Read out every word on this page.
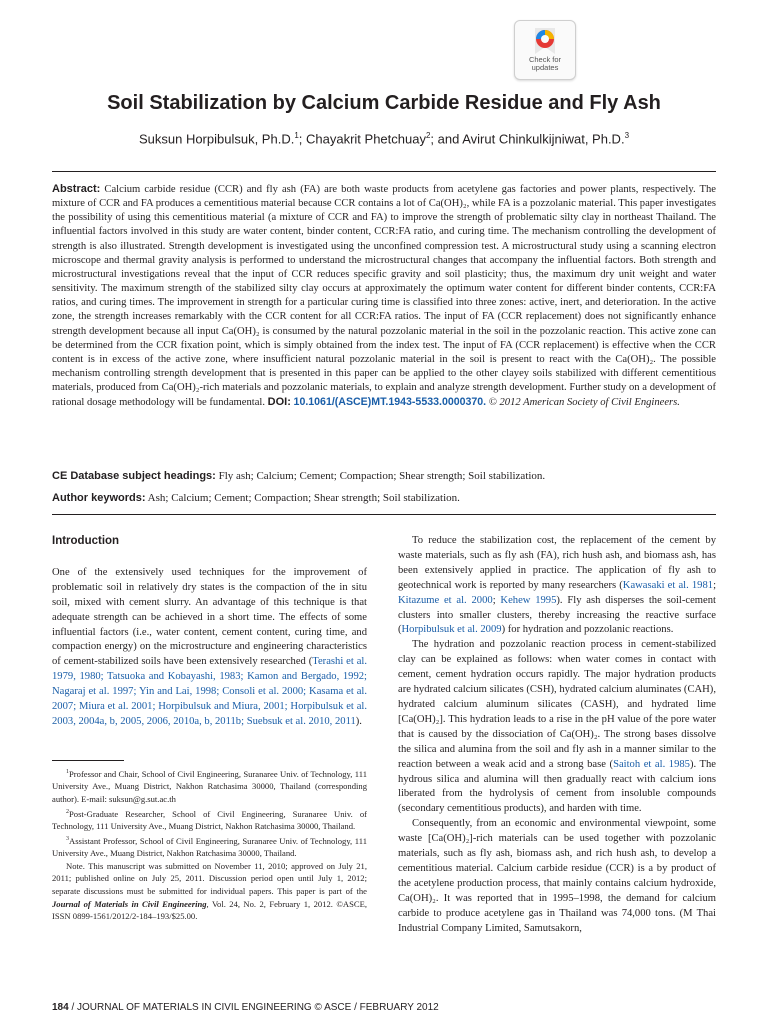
Check for
updates
Soil Stabilization by Calcium Carbide Residue and Fly Ash
Suksun Horpibulsuk, Ph.D.$^1$; Chayakrit Phetchuay$^2$; and Avirut Chinkulkijniwat, Ph.D.$^3$
Abstract: Calcium carbide residue (CCR) and fly ash (FA) are both waste products from acetylene gas factories and power plants, respectively. The mixture of CCR and FA produces a cementitious material because CCR contains a lot of Ca(OH)₂, while FA is a pozzolanic material. This paper investigates the possibility of using this cementitious material (a mixture of CCR and FA) to improve the strength of problematic silty clay in northeast Thailand. The influential factors involved in this study are water content, binder content, CCR:FA ratio, and curing time. The mechanism controlling the development of strength is also illustrated. Strength development is investigated using the unconfined compression test. A microstructural study using a scanning electron microscope and thermal gravity analysis is performed to understand the microstructural changes that accompany the influential factors. Both strength and microstructural investigations reveal that the input of CCR reduces specific gravity and soil plasticity; thus, the maximum dry unit weight and water sensitivity. The maximum strength of the stabilized silty clay occurs at approximately the optimum water content for different binder contents, CCR:FA ratios, and curing times. The improvement in strength for a particular curing time is classified into three zones: active, inert, and deterioration. In the active zone, the strength increases remarkably with the CCR content for all CCR:FA ratios. The input of FA (CCR replacement) does not significantly enhance strength development because all input Ca(OH)₂ is consumed by the natural pozzolanic material in the soil in the pozzolanic reaction. This active zone can be determined from the CCR fixation point, which is simply obtained from the index test. The input of FA (CCR replacement) is effective when the CCR content is in excess of the active zone, where insufficient natural pozzolanic material in the soil is present to react with the Ca(OH)₂. The possible mechanism controlling strength development that is presented in this paper can be applied to the other clayey soils stabilized with different cementitious materials, produced from Ca(OH)₂-rich materials and pozzolanic materials, to explain and analyze strength development. Further study on a development of rational dosage methodology will be fundamental. DOI: 10.1061/(ASCE)MT.1943-5533.0000370. © 2012 American Society of Civil Engineers.
CE Database subject headings: Fly ash; Calcium; Cement; Compaction; Shear strength; Soil stabilization.
Author keywords: Ash; Calcium; Cement; Compaction; Shear strength; Soil stabilization.
Introduction

One of the extensively used techniques for the improvement of problematic soil in relatively dry states is the compaction of the in situ soil, mixed with cement slurry. An advantage of this technique is that adequate strength can be achieved in a short time. The effects of some influential factors (i.e., water content, cement content, curing time, and compaction energy) on the microstructure and engineering characteristics of cement-stabilized soils have been extensively researched (Terashi et al. 1979, 1980; Tatsuoka and Kobayashi, 1983; Kamon and Bergado, 1992; Nagaraj et al. 1997; Yin and Lai, 1998; Consoli et al. 2000; Kasama et al. 2007; Miura et al. 2001; Horpibulsuk and Miura, 2001; Horpibulsuk et al. 2003, 2004a, b, 2005, 2006, 2010a, b, 2011b; Suebsuk et al. 2010, 2011).

$^1$Professor and Chair, School of Civil Engineering, Suranaree Univ. of Technology, 111 University Ave., Muang District, Nakhon Ratchasima 30000, Thailand (corresponding author). E-mail: suksun@g.sut.ac.th

$^2$Post-Graduate Researcher, School of Civil Engineering, Suranaree Univ. of Technology, 111 University Ave., Muang District, Nakhon Ratchasima 30000, Thailand.

$^3$Assistant Professor, School of Civil Engineering, Suranaree Univ. of Technology, 111 University Ave., Muang District, Nakhon Ratchasima 30000, Thailand.

Note. This manuscript was submitted on November 11, 2010; approved on July 21, 2011; published online on July 25, 2011. Discussion period open until July 1, 2012; separate discussions must be submitted for individual papers. This paper is part of the Journal of Materials in Civil Engineering, Vol. 24, No. 2, February 1, 2012. ©ASCE, ISSN 0899-1561/2012/2-184–193/$25.00.

To reduce the stabilization cost, the replacement of the cement by waste materials, such as fly ash (FA), rich hush ash, and biomass ash, has been extensively applied in practice. The application of fly ash to geotechnical work is reported by many researchers (Kawasaki et al. 1981; Kitazume et al. 2000; Kehew 1995). Fly ash disperses the soil-cement clusters into smaller clusters, thereby increasing the reactive surface (Horpibulsuk et al. 2009) for hydration and pozzolanic reactions.

The hydration and pozzolanic reaction process in cement-stabilized clay can be explained as follows: when water comes in contact with cement, cement hydration occurs rapidly. The major hydration products are hydrated calcium silicates (CSH), hydrated calcium aluminates (CAH), hydrated calcium aluminum silicates (CASH), and hydrated lime [Ca(OH)₂]. This hydration leads to a rise in the pH value of the pore water that is caused by the dissociation of Ca(OH)₂. The strong bases dissolve the silica and alumina from the soil and fly ash in a manner similar to the reaction between a weak acid and a strong base (Saitoh et al. 1985). The hydrous silica and alumina will then gradually react with calcium ions liberated from the hydrolysis of cement from insoluble compounds (secondary cementitious products), and harden with time.

Consequently, from an economic and environmental viewpoint, some waste [Ca(OH)₂]-rich materials can be used together with pozzolanic materials, such as fly ash, biomass ash, and rich hush ash, to develop a cementitious material. Calcium carbide residue (CCR) is a by product of the acetylene production process, that mainly contains calcium hydroxide, Ca(OH)₂. It was reported that in 1995–1998, the demand for calcium carbide to produce acetylene gas in Thailand was 74,000 tons. (M Thai Industrial Company Limited, Samutsakorn,

184 / JOURNAL OF MATERIALS IN CIVIL ENGINEERING © ASCE / FEBRUARY 2012
